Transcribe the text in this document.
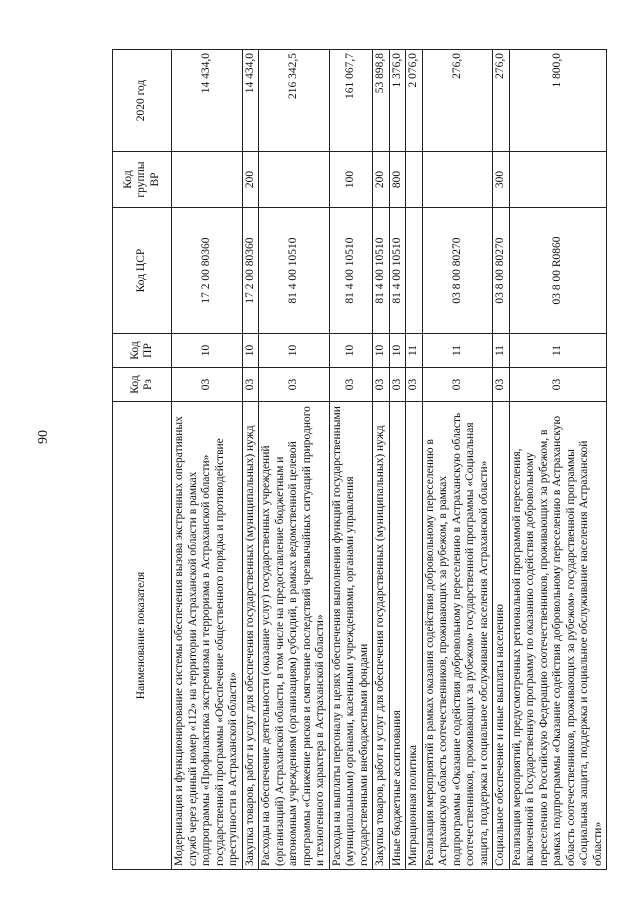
90
Наименование показателя	Код Рз	Код ПР	Код ЦСР	Код группы ВР	2020 год
Модернизация и функционирование системы обеспечения вызова экстренных оперативных служб через единый номер «112» на территории Астраханской области в рамках подпрограммы «Профилактика экстремизма и терроризма в Астраханской области» государственной программы «Обеспечение общественного порядка и противодействие преступности в Астраханской области»	03	10	17 2 00 80360		14 434,0
Закупка товаров, работ и услуг для обеспечения государственных (муниципальных) нужд	03	10	17 2 00 80360	200	14 434,0
Расходы на обеспечение деятельности (оказание услуг) государственных учреждений (организаций) Астраханской области, в том числе на предоставление бюджетным и автономным учреждениям (организациям) субсидий, в рамках ведомственной целевой программы «Снижение рисков и смягчение последствий чрезвычайных ситуаций природного и техногенного характера в Астраханской области»	03	10	81 4 00 10510		216 342,5
Расходы на выплаты персоналу в целях обеспечения выполнения функций государственными (муниципальными) органами, казенными учреждениями, органами управления государственными внебюджетными фондами	03	10	81 4 00 10510	100	161 067,7
Закупка товаров, работ и услуг для обеспечения государственных (муниципальных) нужд	03	10	81 4 00 10510	200	53 898,8
Иные бюджетные ассигнования	03	10	81 4 00 10510	800	1 376,0
Миграционная политика	03	11			2 076,0
Реализация мероприятий в рамках оказания содействия добровольному переселению в Астраханскую область соотечественников, проживающих за рубежом, в рамках подпрограммы «Оказание содействия добровольному переселению в Астраханскую область соотечественников, проживающих за рубежом» государственной программы «Социальная защита, поддержка и социальное обслуживание населения Астраханской области»	03	11	03 8 00 80270		276,0
Социальное обеспечение и иные выплаты населению	03	11	03 8 00 80270	300	276,0
Реализация мероприятий, предусмотренных региональной программой переселения, включенной в Государственную программу по оказанию содействия добровольному переселению в Российскую Федерацию соотечественников, проживающих за рубежом, в рамках подпрограммы «Оказание содействия добровольному переселению в Астраханскую область соотечественников, проживающих за рубежом» государственной программы «Социальная защита, поддержка и социальное обслуживание населения Астраханской области»	03	11	03 8 00 R0860		1 800,0
